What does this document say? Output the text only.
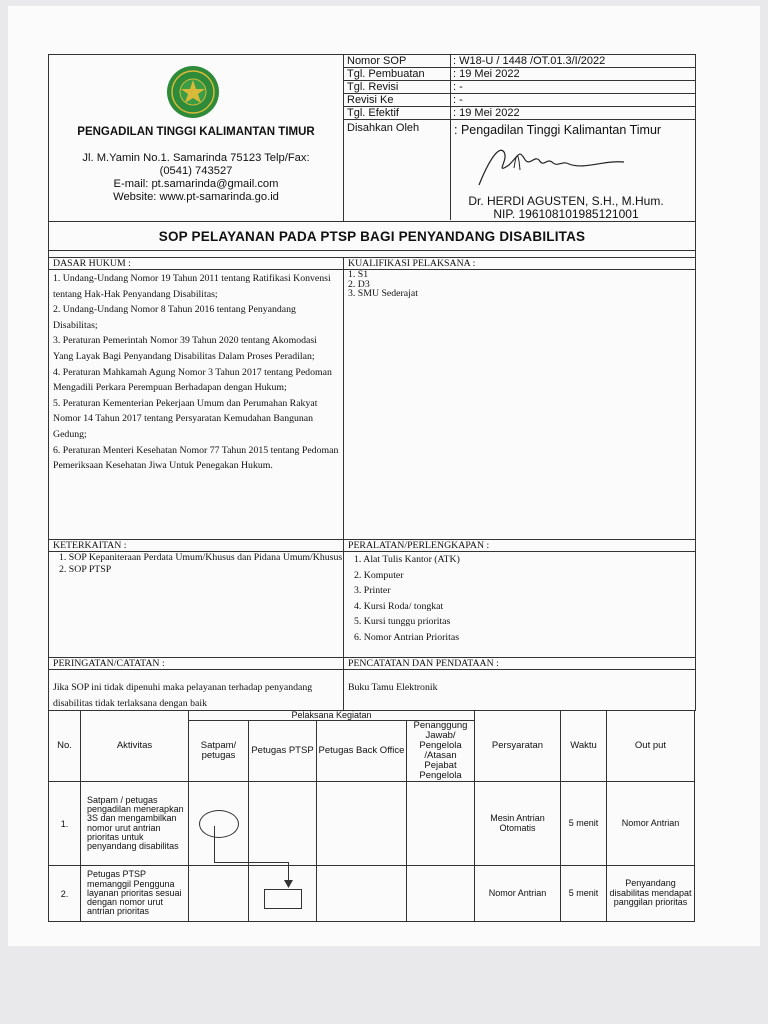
PENGADILAN TINGGI KALIMANTAN TIMUR
Jl. M.Yamin No.1. Samarinda 75123 Telp/Fax:
(0541) 743527
E-mail: pt.samarinda@gmail.com
Website: www.pt-samarinda.go.id
Nomor SOP	: W18-U / 1448 /OT.01.3/I/2022
Tgl. Pembuatan	: 19 Mei 2022
Tgl. Revisi	: -
Revisi Ke	: -
Tgl. Efektif	: 19 Mei 2022
Disahkan Oleh	: Pengadilan Tinggi Kalimantan Timur
Dr. HERDI AGUSTEN, S.H., M.Hum.
NIP. 196108101985121001
SOP PELAYANAN PADA PTSP BAGI PENYANDANG DISABILITAS
DASAR HUKUM :
1. Undang-Undang Nomor 19 Tahun 2011 tentang Ratifikasi Konvensi tentang Hak-Hak Penyandang Disabilitas;
2. Undang-Undang Nomor 8 Tahun 2016 tentang Penyandang Disabilitas;
3. Peraturan Pemerintah Nomor 39 Tahun 2020 tentang Akomodasi Yang Layak Bagi Penyandang Disabilitas Dalam Proses Peradilan;
4. Peraturan Mahkamah Agung Nomor 3 Tahun 2017 tentang Pedoman Mengadili Perkara Perempuan Berhadapan dengan Hukum;
5. Peraturan Kementerian Pekerjaan Umum dan Perumahan Rakyat Nomor 14 Tahun 2017 tentang Persyaratan Kemudahan Bangunan Gedung;
6. Peraturan Menteri Kesehatan Nomor 77 Tahun 2015 tentang Pedoman Pemeriksaan Kesehatan Jiwa Untuk Penegakan Hukum.
KUALIFIKASI PELAKSANA :
1. S1
2. D3
3. SMU Sederajat
KETERKAITAN :
1. SOP Kepaniteraan Perdata Umum/Khusus dan Pidana Umum/Khusus
2. SOP PTSP
PERALATAN/PERLENGKAPAN :
1. Alat Tulis Kantor (ATK)
2. Komputer
3. Printer
4. Kursi Roda/ tongkat
5. Kursi tunggu prioritas
6. Nomor Antrian Prioritas
PERINGATAN/CATATAN :
Jika SOP ini tidak dipenuhi maka pelayanan terhadap penyandang disabilitas tidak terlaksana dengan baik
PENCATATAN DAN PENDATAAN :
Buku Tamu Elektronik
No.	Aktivitas	Pelaksana Kegiatan				Persyaratan	Waktu	Out put
		Satpam/ petugas	Petugas PTSP	Petugas Back Office	Penanggung Jawab/ Pengelola /Atasan Pejabat Pengelola			
1.	Satpam / petugas pengadilan menerapkan 3S dan mengambilkan nomor urut antrian prioritas untuk penyandang disabilitas					Mesin Antrian Otomatis	5 menit	Nomor Antrian
2.	Petugas PTSP memanggil Pengguna layanan prioritas sesuai dengan nomor urut antrian prioritas					Nomor Antrian	5 menit	Penyandang disabilitas mendapat panggilan prioritas
